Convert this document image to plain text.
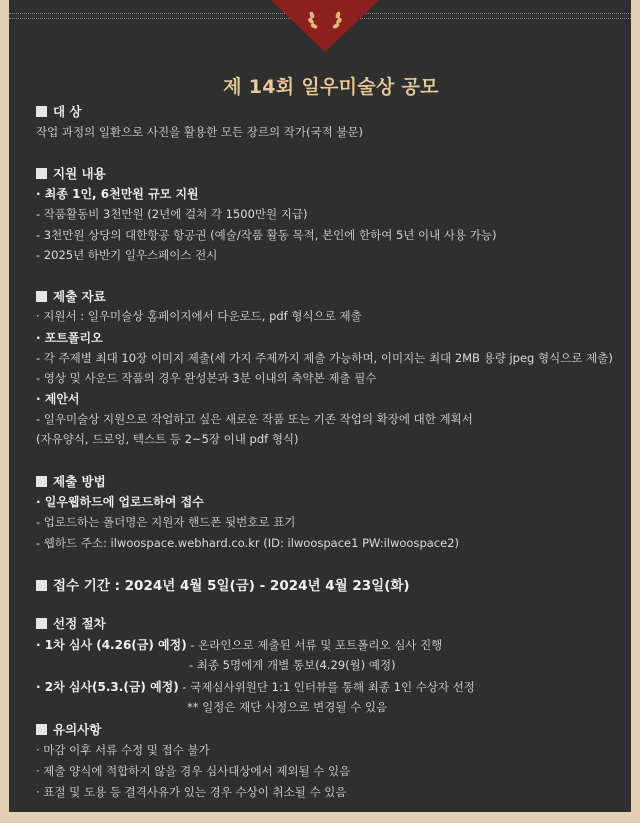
제 14회 일우미술상 공모
대 상
작업 과정의 일환으로 사진을 활용한 모든 장르의 작가(국적 불문)
지원 내용
· 최종 1인, 6천만원 규모 지원
- 작품활동비 3천만원 (2년에 걸쳐 각 1500만원 지급)
- 3천만원 상당의 대한항공 항공권 (예술/작품 활동 목적, 본인에 한하여 5년 이내 사용 가능)
- 2025년 하반기 일우스페이스 전시
제출 자료
· 지원서 : 일우미술상 홈페이지에서 다운로드, pdf 형식으로 제출
· 포트폴리오
- 각 주제별 최대 10장 이미지 제출(세 가지 주제까지 제출 가능하며, 이미지는 최대 2MB 용량 jpeg 형식으로 제출)
- 영상 및 사운드 작품의 경우 완성본과 3분 이내의 축약본 제출 필수
· 제안서
- 일우미술상 지원으로 작업하고 싶은 새로운 작품 또는 기존 작업의 확장에 대한 계획서
(자유양식, 드로잉, 텍스트 등 2~5장 이내 pdf 형식)
제출 방법
· 일우웹하드에 업로드하여 접수
- 업로드하는 폴더명은 지원자 핸드폰 뒷번호로 표기
- 웹하드 주소: ilwoospace.webhard.co.kr (ID: ilwoospace1 PW:ilwoospace2)
접수 기간 : 2024년 4월 5일(금) - 2024년 4월 23일(화)
선정 절차
· 1차 심사 (4.26(금) 예정) - 온라인으로 제출된 서류 및 포트폴리오 심사 진행
- 최종 5명에게 개별 통보(4.29(월) 예정)
· 2차 심사(5.3.(금) 예정) - 국제심사위원단 1:1 인터뷰를 통해 최종 1인 수상자 선정
** 일정은 재단 사정으로 변경될 수 있음
유의사항
· 마감 이후 서류 수정 및 접수 불가
· 제출 양식에 적합하지 않을 경우 심사대상에서 제외될 수 있음
· 표절 및 도용 등 결격사유가 있는 경우 수상이 취소될 수 있음
